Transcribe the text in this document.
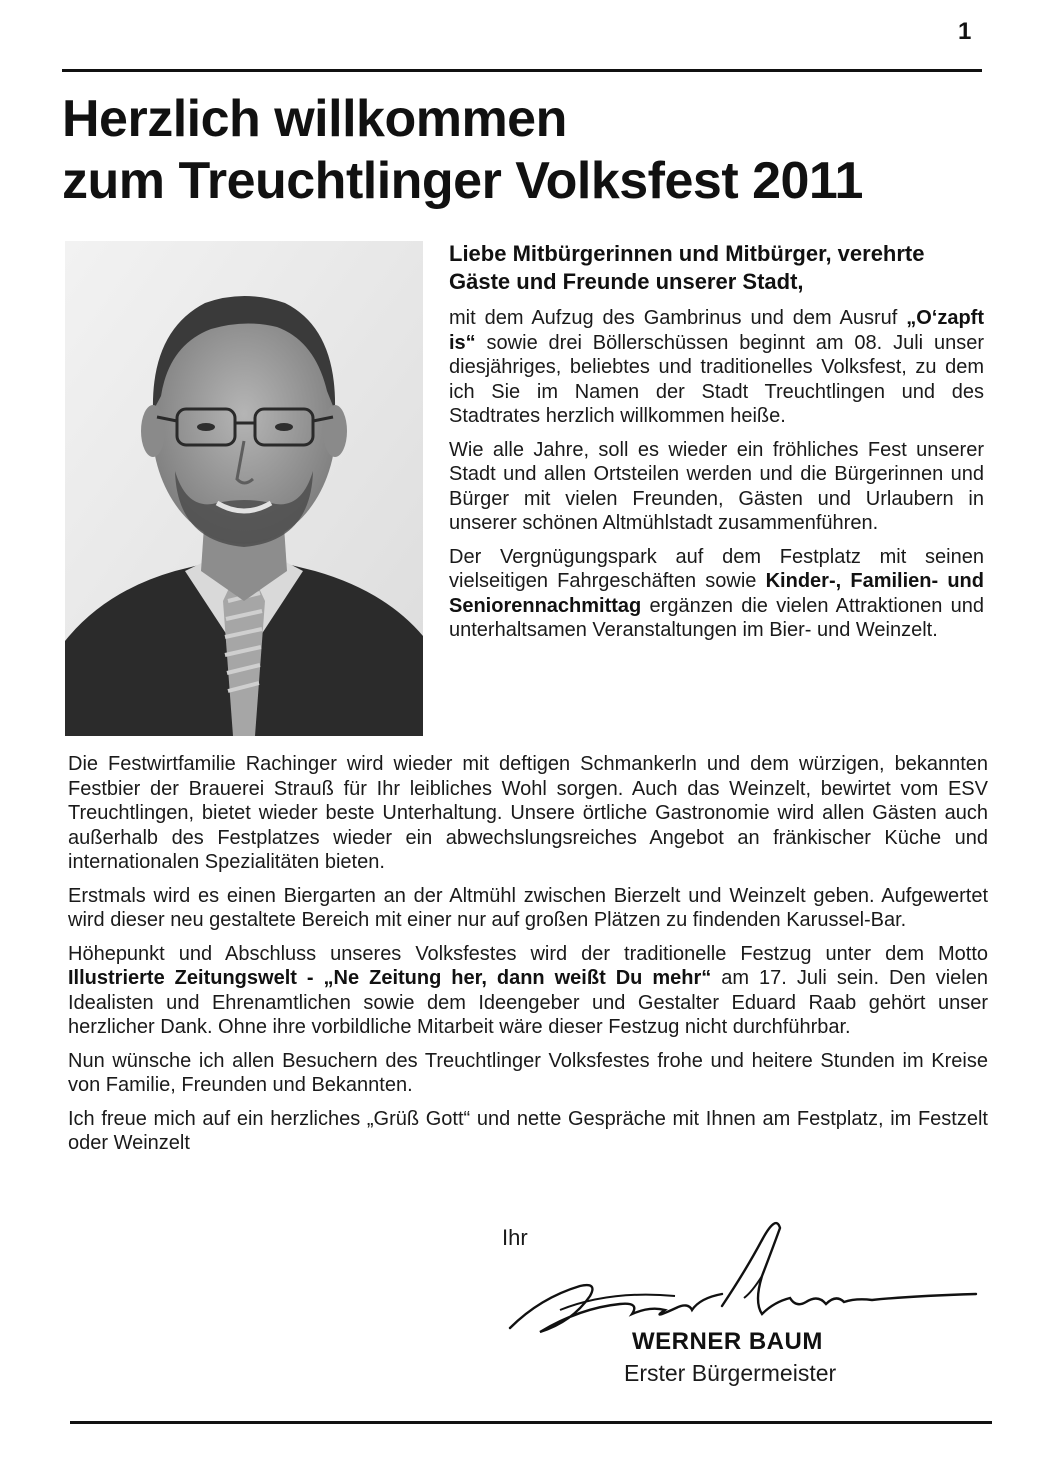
1
Herzlich willkommen
zum Treuchtlinger Volksfest 2011

Liebe Mitbürgerinnen und Mitbürger, verehrte Gäste und Freunde unserer Stadt,

mit dem Aufzug des Gambrinus und dem Ausruf „O‘zapft is“ sowie drei Böllerschüssen beginnt am 08. Juli unser diesjähriges, beliebtes und traditionelles Volksfest, zu dem ich Sie im Namen der Stadt Treuchtlingen und des Stadtrates herzlich willkommen heiße.

Wie alle Jahre, soll es wieder ein fröhliches Fest unserer Stadt und allen Ortsteilen werden und die Bürgerinnen und Bürger mit vielen Freunden, Gästen und Urlaubern in unserer schönen Altmühlstadt zusammenführen.

Der Vergnügungspark auf dem Festplatz mit seinen vielseitigen Fahrgeschäften sowie Kinder-, Familien- und Seniorennachmittag ergänzen die vielen Attraktionen und unterhaltsamen Veranstaltungen im Bier- und Weinzelt.

Die Festwirtfamilie Rachinger wird wieder mit deftigen Schmankerln und dem würzigen, bekannten Festbier der Brauerei Strauß für Ihr leibliches Wohl sorgen. Auch das Weinzelt, bewirtet vom ESV Treuchtlingen, bietet wieder beste Unterhaltung. Unsere örtliche Gastronomie wird allen Gästen auch außerhalb des Festplatzes wieder ein abwechslungsreiches Angebot an fränkischer Küche und internationalen Spezialitäten bieten.

Erstmals wird es einen Biergarten an der Altmühl zwischen Bierzelt und Weinzelt geben. Aufgewertet wird dieser neu gestaltete Bereich mit einer nur auf großen Plätzen zu findenden Karussel-Bar.

Höhepunkt und Abschluss unseres Volksfestes wird der traditionelle Festzug unter dem Motto Illustrierte Zeitungswelt - „Ne Zeitung her, dann weißt Du mehr“ am 17. Juli sein. Den vielen Idealisten und Ehrenamtlichen sowie dem Ideengeber und Gestalter Eduard Raab gehört unser herzlicher Dank. Ohne ihre vorbildliche Mitarbeit wäre dieser Festzug nicht durchführbar.

Nun wünsche ich allen Besuchern des Treuchtlinger Volksfestes frohe und heitere Stunden im Kreise von Familie, Freunden und Bekannten.

Ich freue mich auf ein herzliches „Grüß Gott“ und nette Gespräche mit Ihnen am Festplatz, im Festzelt oder Weinzelt

Ihr
WERNER BAUM
Erster Bürgermeister
